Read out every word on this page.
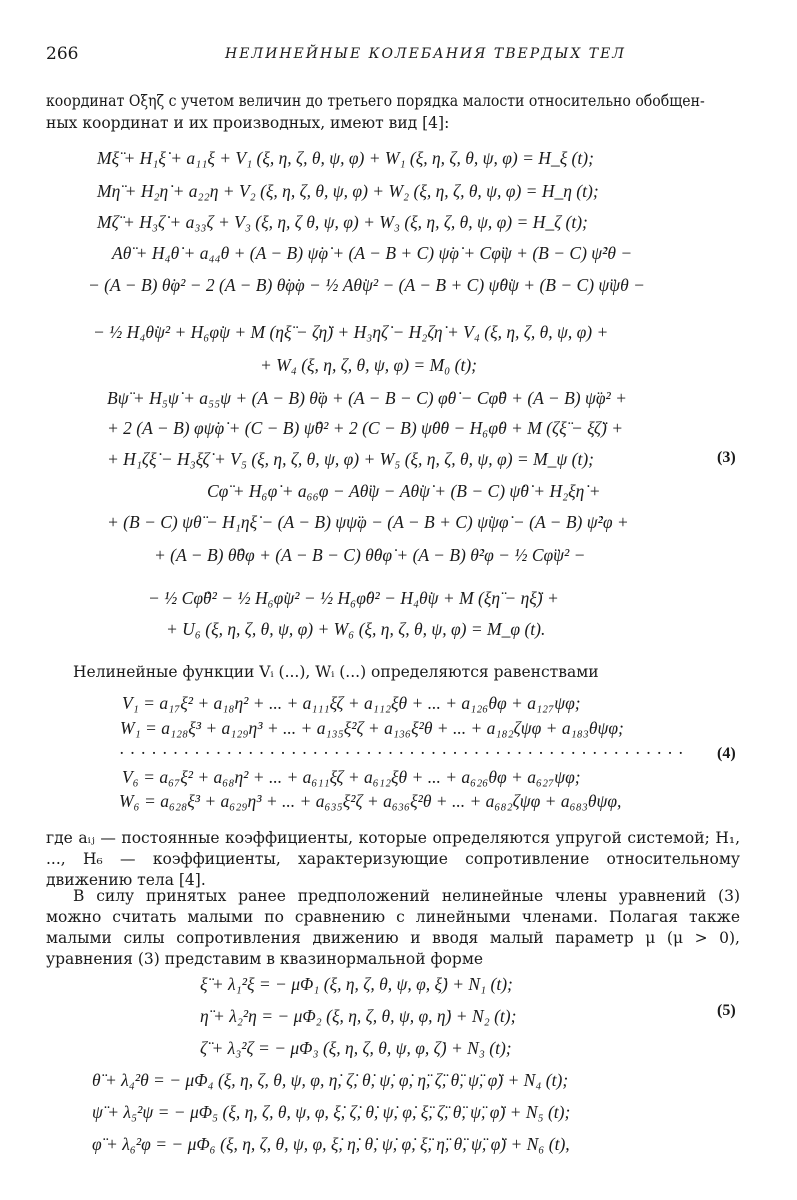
266	НЕЛИНЕЙНЫЕ КОЛЕБАНИЯ ТВЕРДЫХ ТЕЛ
координат Oξηζ с учетом величин до третьего порядка малости относительно обобщен-
ных координат и их производных, имеют вид [4]:
Mξ̈ + H₁ξ̇ + a₁₁ξ + V₁ (ξ, η, ζ, θ, ψ, φ) + W₁ (ξ, η, ζ, θ, ψ, φ) = H_ξ (t);
Mη̈ + H₂η̇ + a₂₂η + V₂ (ξ, η, ζ, θ, ψ, φ) + W₂ (ξ, η, ζ, θ, ψ, φ) = H_η (t);
Mζ̈ + H₃ζ̇ + a₃₃ζ + V₃ (ξ, η, ζ θ, ψ, φ) + W₃ (ξ, η, ζ, θ, ψ, φ) = H_ζ (t);
Aθ̈ + H₄θ̇ + a₄₄θ + (A − B) ψ̇φ̇ + (A − B + C) ψ̇φ̇ + Cφ̈ψ + (B − C) ψ̇²θ −
− (A − B) θ̇φ² − 2 (A − B) θ̇φ̇φ − ½ Aθ̇ψ² − (A − B + C) ψ̇θ̇ψ + (B − C) ψ̈ψθ −
− ½ H₄θ̇ψ² + H₆φ̇ψ + M (ηξ̈ − ζη̈) + H₃ηζ̇ − H₂ζη̇ + V₄ (ξ, η, ζ, θ, ψ, φ) +
+ W₄ (ξ, η, ζ, θ, ψ, φ) = M₀ (t);
Bψ̈ + H₅ψ̇ + a₅₅ψ + (A − B) θ̈φ + (A − B − C) φ̇θ̇ − Cφ̈θ + (A − B) ψ̈φ² +
+ 2 (A − B) φψ̇φ̇ + (C − B) ψ̈θ² + 2 (C − B) ψ̇θ̇θ − H₆φ̇θ + M (ζξ̈ − ξζ̈) +
+ H₁ζξ̇ − H₃ξζ̇ + V₅ (ξ, η, ζ, θ, ψ, φ) + W₅ (ξ, η, ζ, θ, ψ, φ) = M_ψ (t);	(3)
Cφ̈ + H₆φ̇ + a₆₆φ − Aθ̈ψ − Aθ̇ψ̇ + (B − C) ψ̇θ̇ + H₂ξη̇ +
+ (B − C) ψθ̈ − H₁ηξ̇ − (A − B) ψψ̈φ − (A − B + C) ψ̇ψφ̇ − (A − B) ψ̇²φ +
+ (A − B) θ̈θφ + (A − B − C) θ̇θφ̇ + (A − B) θ̇²φ − ½ Cφ̈ψ² −
− ½ Cφ̈θ² − ½ H₆φ̇ψ² − ½ H₆φ̇θ² − H₄θ̇ψ + M (ξη̈ − ηξ̈) +
+ U₆ (ξ, η, ζ, θ, ψ, φ) + W₆ (ξ, η, ζ, θ, ψ, φ) = M_φ (t).
Нелинейные функции Vᵢ (...), Wᵢ (...) определяются равенствами
V₁ = a₁₇ξ² + a₁₈η² + ... + a₁₁₁ξζ + a₁₁₂ξθ + ... + a₁₂₆θφ + a₁₂₇ψφ;
W₁ = a₁₂₈ξ³ + a₁₂₉η³ + ... + a₁₃₅ξ²ζ + a₁₃₆ξ²θ + ... + a₁₈₂ζψφ + a₁₈₃θψφ;
. . . . . . . . . . . . . . . . . . . . . . . . . . . . . . . . . . . . . . . . . . . . . . . . . . . . . (4)
V₆ = a₆₇ξ² + a₆₈η² + ... + a₆₁₁ξζ + a₆₁₂ξθ + ... + a₆₂₆θφ + a₆₂₇ψφ;
W₆ = a₆₂₈ξ³ + a₆₂₉η³ + ... + a₆₃₅ξ²ζ + a₆₃₆ξ²θ + ... + a₆₈₂ζψφ + a₆₈₃θψφ,
где aᵢⱼ — постоянные коэффициенты, которые определяются упругой системой; H₁, ..., H₆ — коэффициенты, характеризующие сопротивление относительному движению тела [4].
В силу принятых ранее предположений нелинейные члены уравнений (3) можно считать малыми по сравнению с линейными членами. Полагая также малыми силы сопротивления движению и вводя малый параметр μ (μ > 0), уравнения (3) представим в квазинормальной форме
ξ̈ + λ₁²ξ = − μΦ₁ (ξ, η, ζ, θ, ψ, φ, ξ̇) + N₁ (t);
η̈ + λ₂²η = − μΦ₂ (ξ, η, ζ, θ, ψ, φ, η̇) + N₂ (t);	(5)
ζ̈ + λ₃²ζ = − μΦ₃ (ξ, η, ζ, θ, ψ, φ, ζ̇) + N₃ (t);
θ̈ + λ₄²θ = − μΦ₄ (ξ, η, ζ, θ, ψ, φ, η̇, ζ̇, θ̇, ψ̇, φ̇, η̈, ζ̈, θ̈, ψ̈, φ̈) + N₄ (t);
ψ̈ + λ₅²ψ = − μΦ₅ (ξ, η, ζ, θ, ψ, φ, ξ̇, ζ̇, θ̇, ψ̇, φ̇, ξ̈, ζ̈, θ̈, ψ̈, φ̈) + N₅ (t);
φ̈ + λ₆²φ = − μΦ₆ (ξ, η, ζ, θ, ψ, φ, ξ̇, η̇, θ̇, ψ̇, φ̇, ξ̈, η̈, θ̈, ψ̈, φ̈) + N₆ (t),
